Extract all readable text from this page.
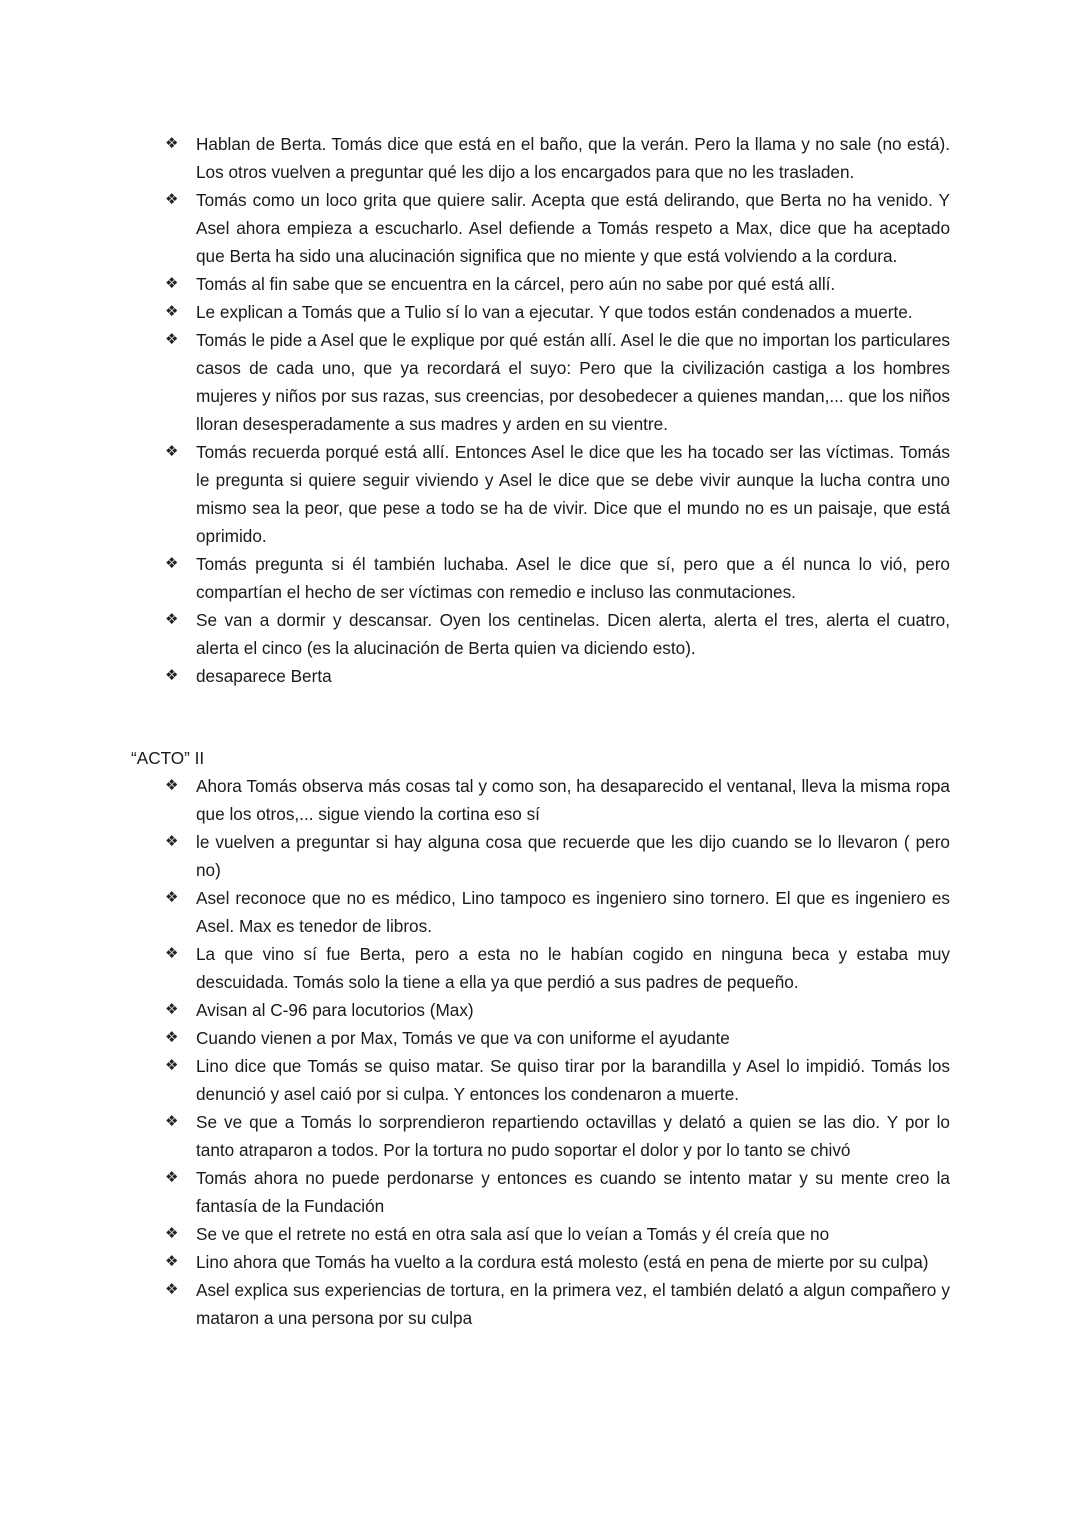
❖ Hablan de Berta. Tomás dice que está en el baño, que la verán. Pero la llama y no sale (no está). Los otros vuelven a preguntar qué les dijo a los encargados para que no les trasladen.
❖ Tomás como un loco grita que quiere salir. Acepta que está delirando, que Berta no ha venido. Y Asel ahora empieza a escucharlo. Asel defiende a Tomás respeto a Max, dice que ha aceptado que Berta ha sido una alucinación significa que no miente y que está volviendo a la cordura.
❖ Tomás al fin sabe que se encuentra en la cárcel, pero aún no sabe por qué está allí.
❖ Le explican a Tomás que a Tulio sí lo van a ejecutar. Y que todos están condenados a muerte.
❖ Tomás le pide a Asel que le explique por qué están allí. Asel le die que no importan los particulares casos de cada uno, que ya recordará el suyo: Pero que la civilización castiga a los hombres mujeres y niños por sus razas, sus creencias, por desobedecer a quienes mandan,... que los niños lloran desesperadamente a sus madres y arden en su vientre.
❖ Tomás recuerda porqué está allí. Entonces Asel le dice que les ha tocado ser las víctimas. Tomás le pregunta si quiere seguir viviendo y Asel le dice que se debe vivir aunque la lucha contra uno mismo sea la peor, que pese a todo se ha de vivir. Dice que el mundo no es un paisaje, que está oprimido.
❖ Tomás pregunta si él también luchaba. Asel le dice que sí, pero que a él nunca lo vió, pero compartían el hecho de ser víctimas con remedio e incluso las conmutaciones.
❖ Se van a dormir y descansar. Oyen los centinelas. Dicen alerta, alerta el tres, alerta el cuatro, alerta el cinco (es la alucinación de Berta quien va diciendo esto).
❖ desaparece Berta
“ACTO” II
❖ Ahora Tomás observa más cosas tal y como son, ha desaparecido el ventanal, lleva la misma ropa que los otros,... sigue viendo la cortina eso sí
❖ le vuelven a preguntar si hay alguna cosa que recuerde que les dijo cuando se lo llevaron ( pero no)
❖ Asel reconoce que no es médico, Lino tampoco es ingeniero sino tornero. El que es ingeniero es Asel. Max es tenedor de libros.
❖ La que vino sí fue Berta, pero a esta no le habían cogido en ninguna beca y estaba muy descuidada. Tomás solo la tiene a ella ya que perdió a sus padres de pequeño.
❖ Avisan al C-96 para locutorios (Max)
❖ Cuando vienen a por Max, Tomás ve que va con uniforme el ayudante
❖ Lino dice que Tomás se quiso matar. Se quiso tirar por la barandilla y Asel lo impidió. Tomás los denunció y asel caió por si culpa. Y entonces los condenaron a muerte.
❖ Se ve que a Tomás lo sorprendieron repartiendo octavillas y delató a quien se las dio. Y por lo tanto atraparon a todos. Por la tortura no pudo soportar el dolor y por lo tanto se chivó
❖ Tomás ahora no puede perdonarse y entonces es cuando se intento matar y su mente creo la fantasía de la Fundación
❖ Se ve que el retrete no está en otra sala así que lo veían a Tomás y él creía que no
❖ Lino ahora que Tomás ha vuelto a la cordura está molesto (está en pena de mierte por su culpa)
❖ Asel explica sus experiencias de tortura, en la primera vez, el también delató a algun compañero y mataron a una persona por su culpa
